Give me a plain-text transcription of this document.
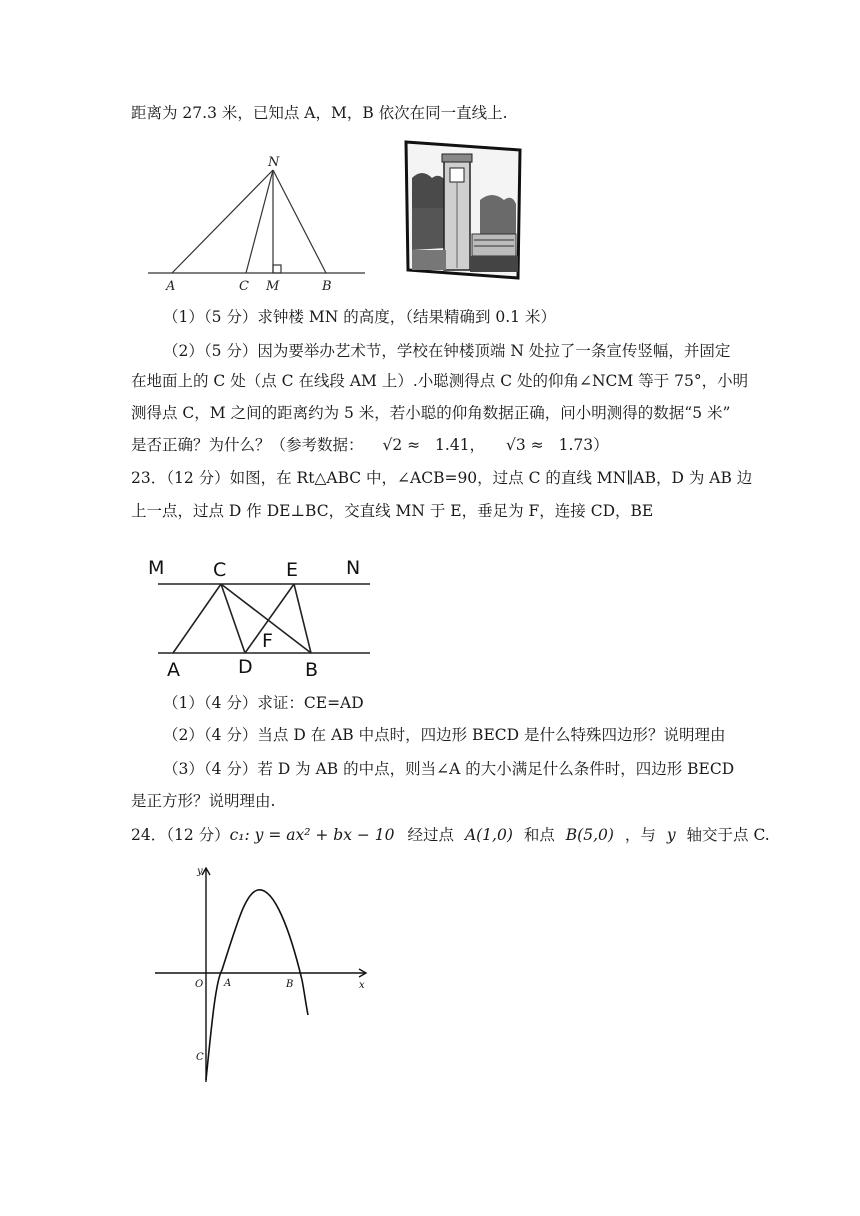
距离为 27.3 米，已知点 A，M，B 依次在同一直线上.
N
A	C M	B
（1）（5 分）求钟楼 MN 的高度，（结果精确到 0.1 米）
（2）（5 分）因为要举办艺术节，学校在钟楼顶端 N 处拉了一条宣传竖幅，并固定
在地面上的 C 处（点 C 在线段 AM 上）.小聪测得点 C 处的仰角∠NCM 等于 75°，小明
测得点 C，M 之间的距离约为 5 米，若小聪的仰角数据正确，问小明测得的数据“5 米”
是否正确？为什么？（参考数据： √2 ≈ 1.41， √3 ≈ 1.73）
23．（12 分）如图，在 Rt△ABC 中，∠ACB=90，过点 C 的直线 MN∥AB，D 为 AB 边
上一点，过点 D 作 DE⊥BC，交直线 MN 于 E，垂足为 F，连接 CD，BE
M	C	E	N
F
A	D	B
（1）（4 分）求证：CE=AD
（2）（4 分）当点 D 在 AB 中点时，四边形 BECD 是什么特殊四边形？说明理由
（3）（4 分）若 D 为 AB 的中点，则当∠A 的大小满足什么条件时，四边形 BECD
是正方形？说明理由.
24．（12 分）c₁: y = ax² + bx − 10 经过点 A(1,0) 和点 B(5,0) ，与 y 轴交于点 C.
y
x
O A	B
C
